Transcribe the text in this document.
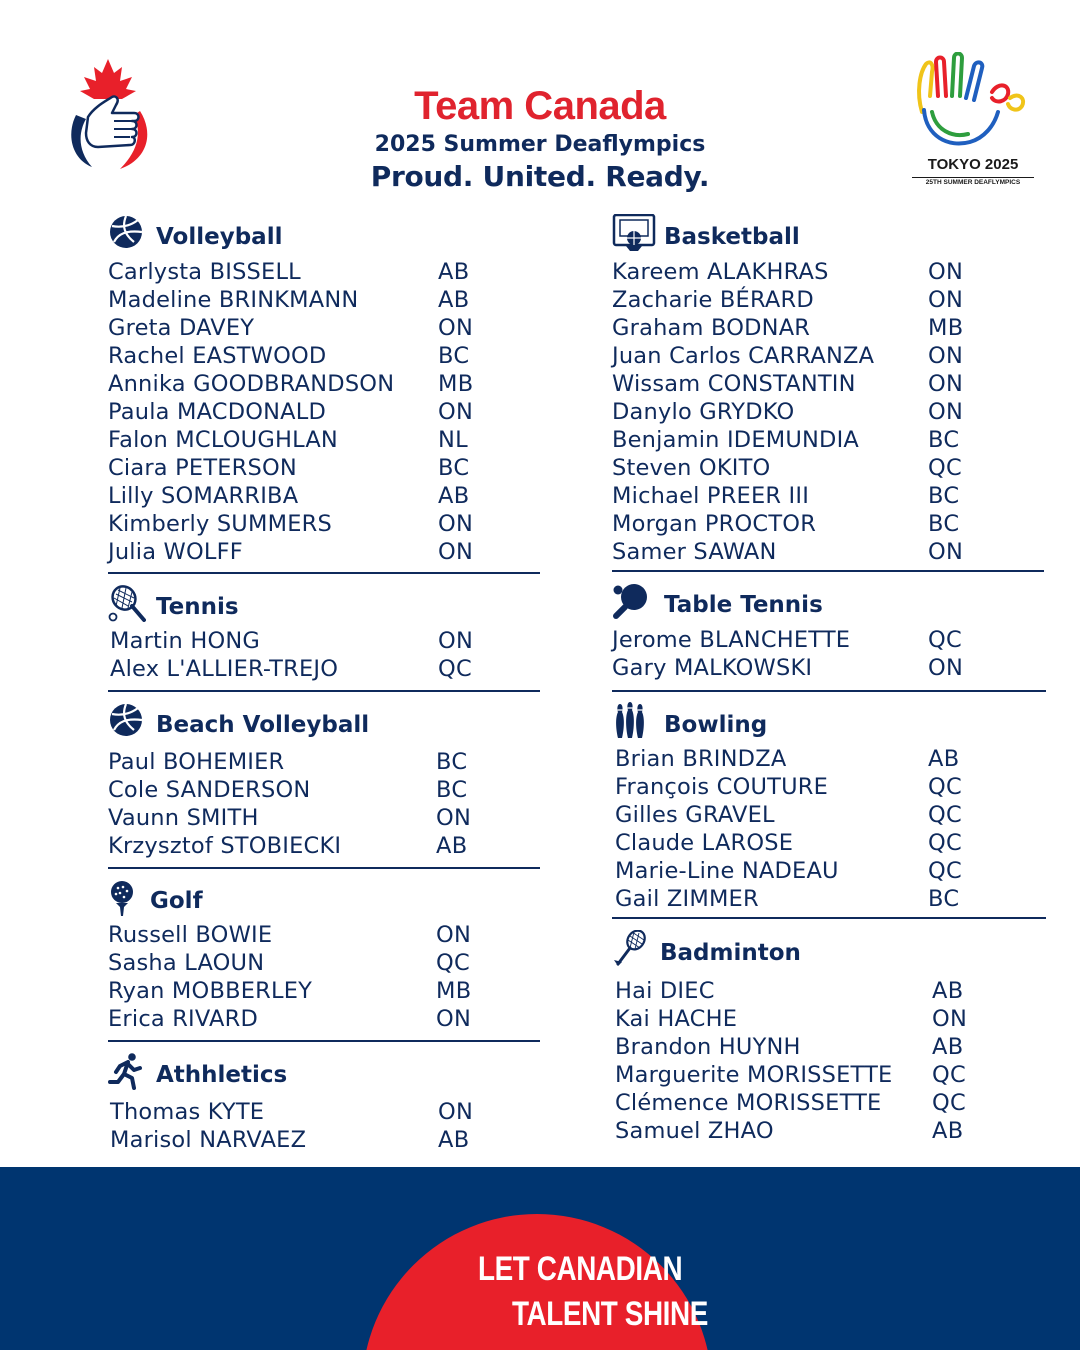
Team Canada
2025 Summer Deaflympics
Proud. United. Ready.	TOKYO 2025
25TH SUMMER DEAFLYMPICS
Volleyball
Carlysta BISSELL	AB
Madeline BRINKMANN	AB
Greta DAVEY	ON
Rachel EASTWOOD	BC
Annika GOODBRANDSON MB
Paula MACDONALD	ON
Falon MCLOUGHLAN	NL
Ciara PETERSON	BC
Lilly SOMARRIBA	AB
Kimberly SUMMERS	ON
Julia WOLFF	ON
Tennis
Martin HONG	ON
Alex L'ALLIER-TREJO	QC
Beach Volleyball
Paul BOHEMIER	BC
Cole SANDERSON	BC
Vaunn SMITH	ON
Krzysztof STOBIECKI	AB
Golf
Russell BOWIE	ON
Sasha LAOUN	QC
Ryan MOBBERLEY	MB
Erica RIVARD	ON
Athhletics
Thomas KYTE	ON
Marisol NARVAEZ	AB
Basketball
Kareem ALAKHRAS	ON
Zacharie BÉRARD	ON
Graham BODNAR	MB
Juan Carlos CARRANZA ON
Wissam CONSTANTIN	ON
Danylo GRYDKO	ON
Benjamin IDEMUNDIA	BC
Steven OKITO	QC
Michael PREER III	BC
Morgan PROCTOR	BC
Samer SAWAN	ON
Table Tennis
Jerome BLANCHETTE	QC
Gary MALKOWSKI	ON
Bowling
Brian BRINDZA	AB
François COUTURE	QC
Gilles GRAVEL	QC
Claude LAROSE	QC
Marie-Line NADEAU	QC
Gail ZIMMER	BC
Badminton
Hai DIEC	AB
Kai HACHE	ON
Brandon HUYNH	AB
Marguerite MORISSETTE QC
Clémence MORISSETTE QC
Samuel ZHAO	AB
LET CANADIAN
TALENT SHINE
